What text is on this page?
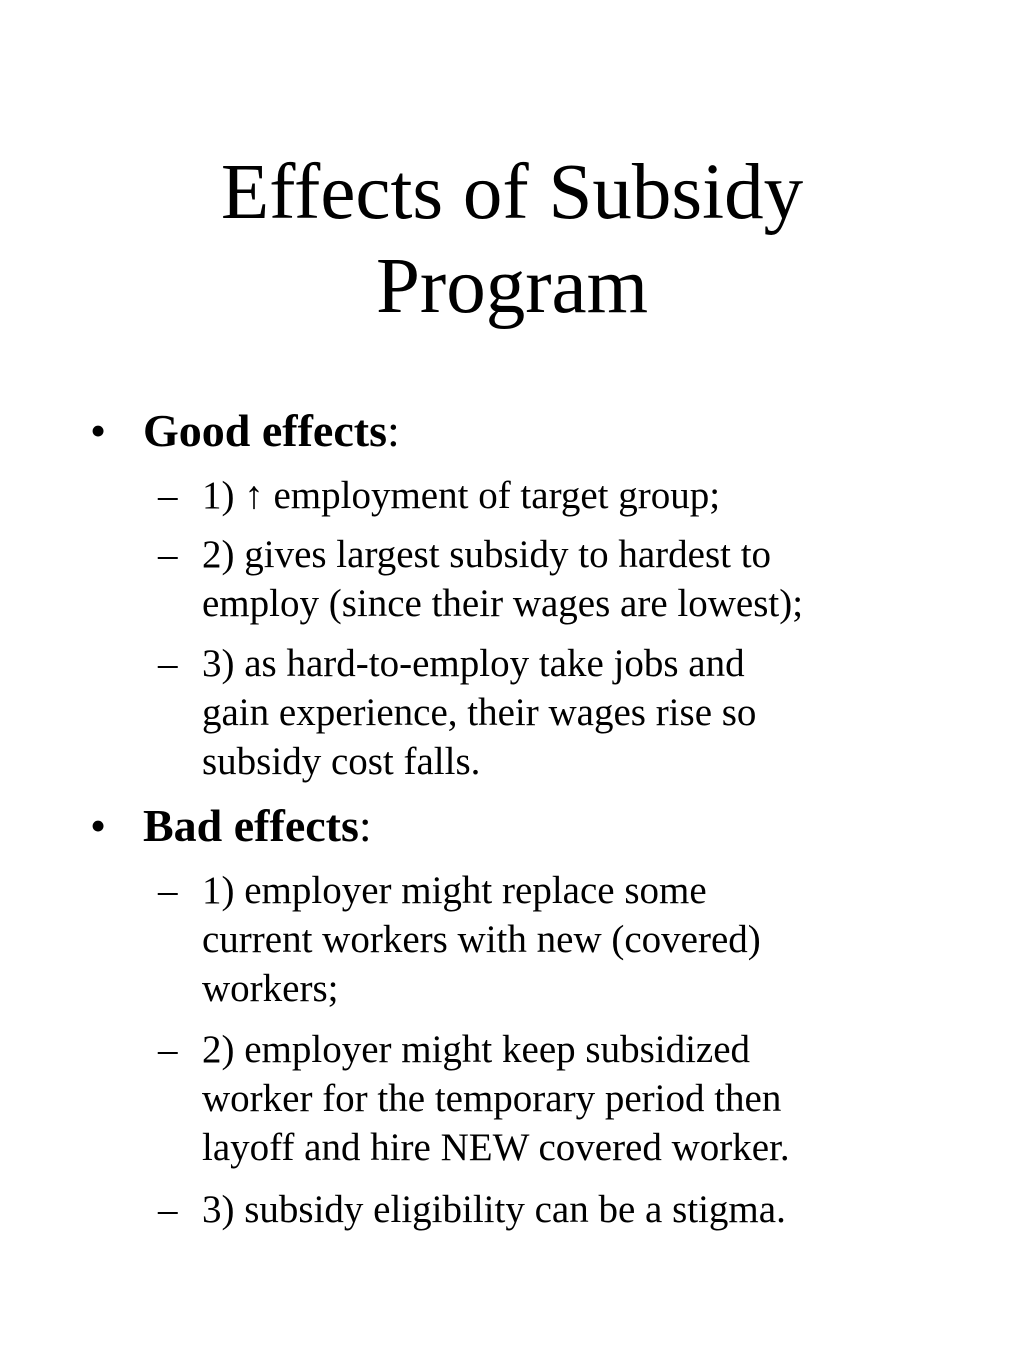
Effects of Subsidy
Program
• Good effects:
– 1) ↑ employment of target group;
– 2) gives largest subsidy to hardest to
employ (since their wages are lowest);
– 3) as hard-to-employ take jobs and
gain experience, their wages rise so
subsidy cost falls.
• Bad effects:
– 1) employer might replace some
current workers with new (covered)
workers;
– 2) employer might keep subsidized
worker for the temporary period then
layoff and hire NEW covered worker.
– 3) subsidy eligibility can be a stigma.
